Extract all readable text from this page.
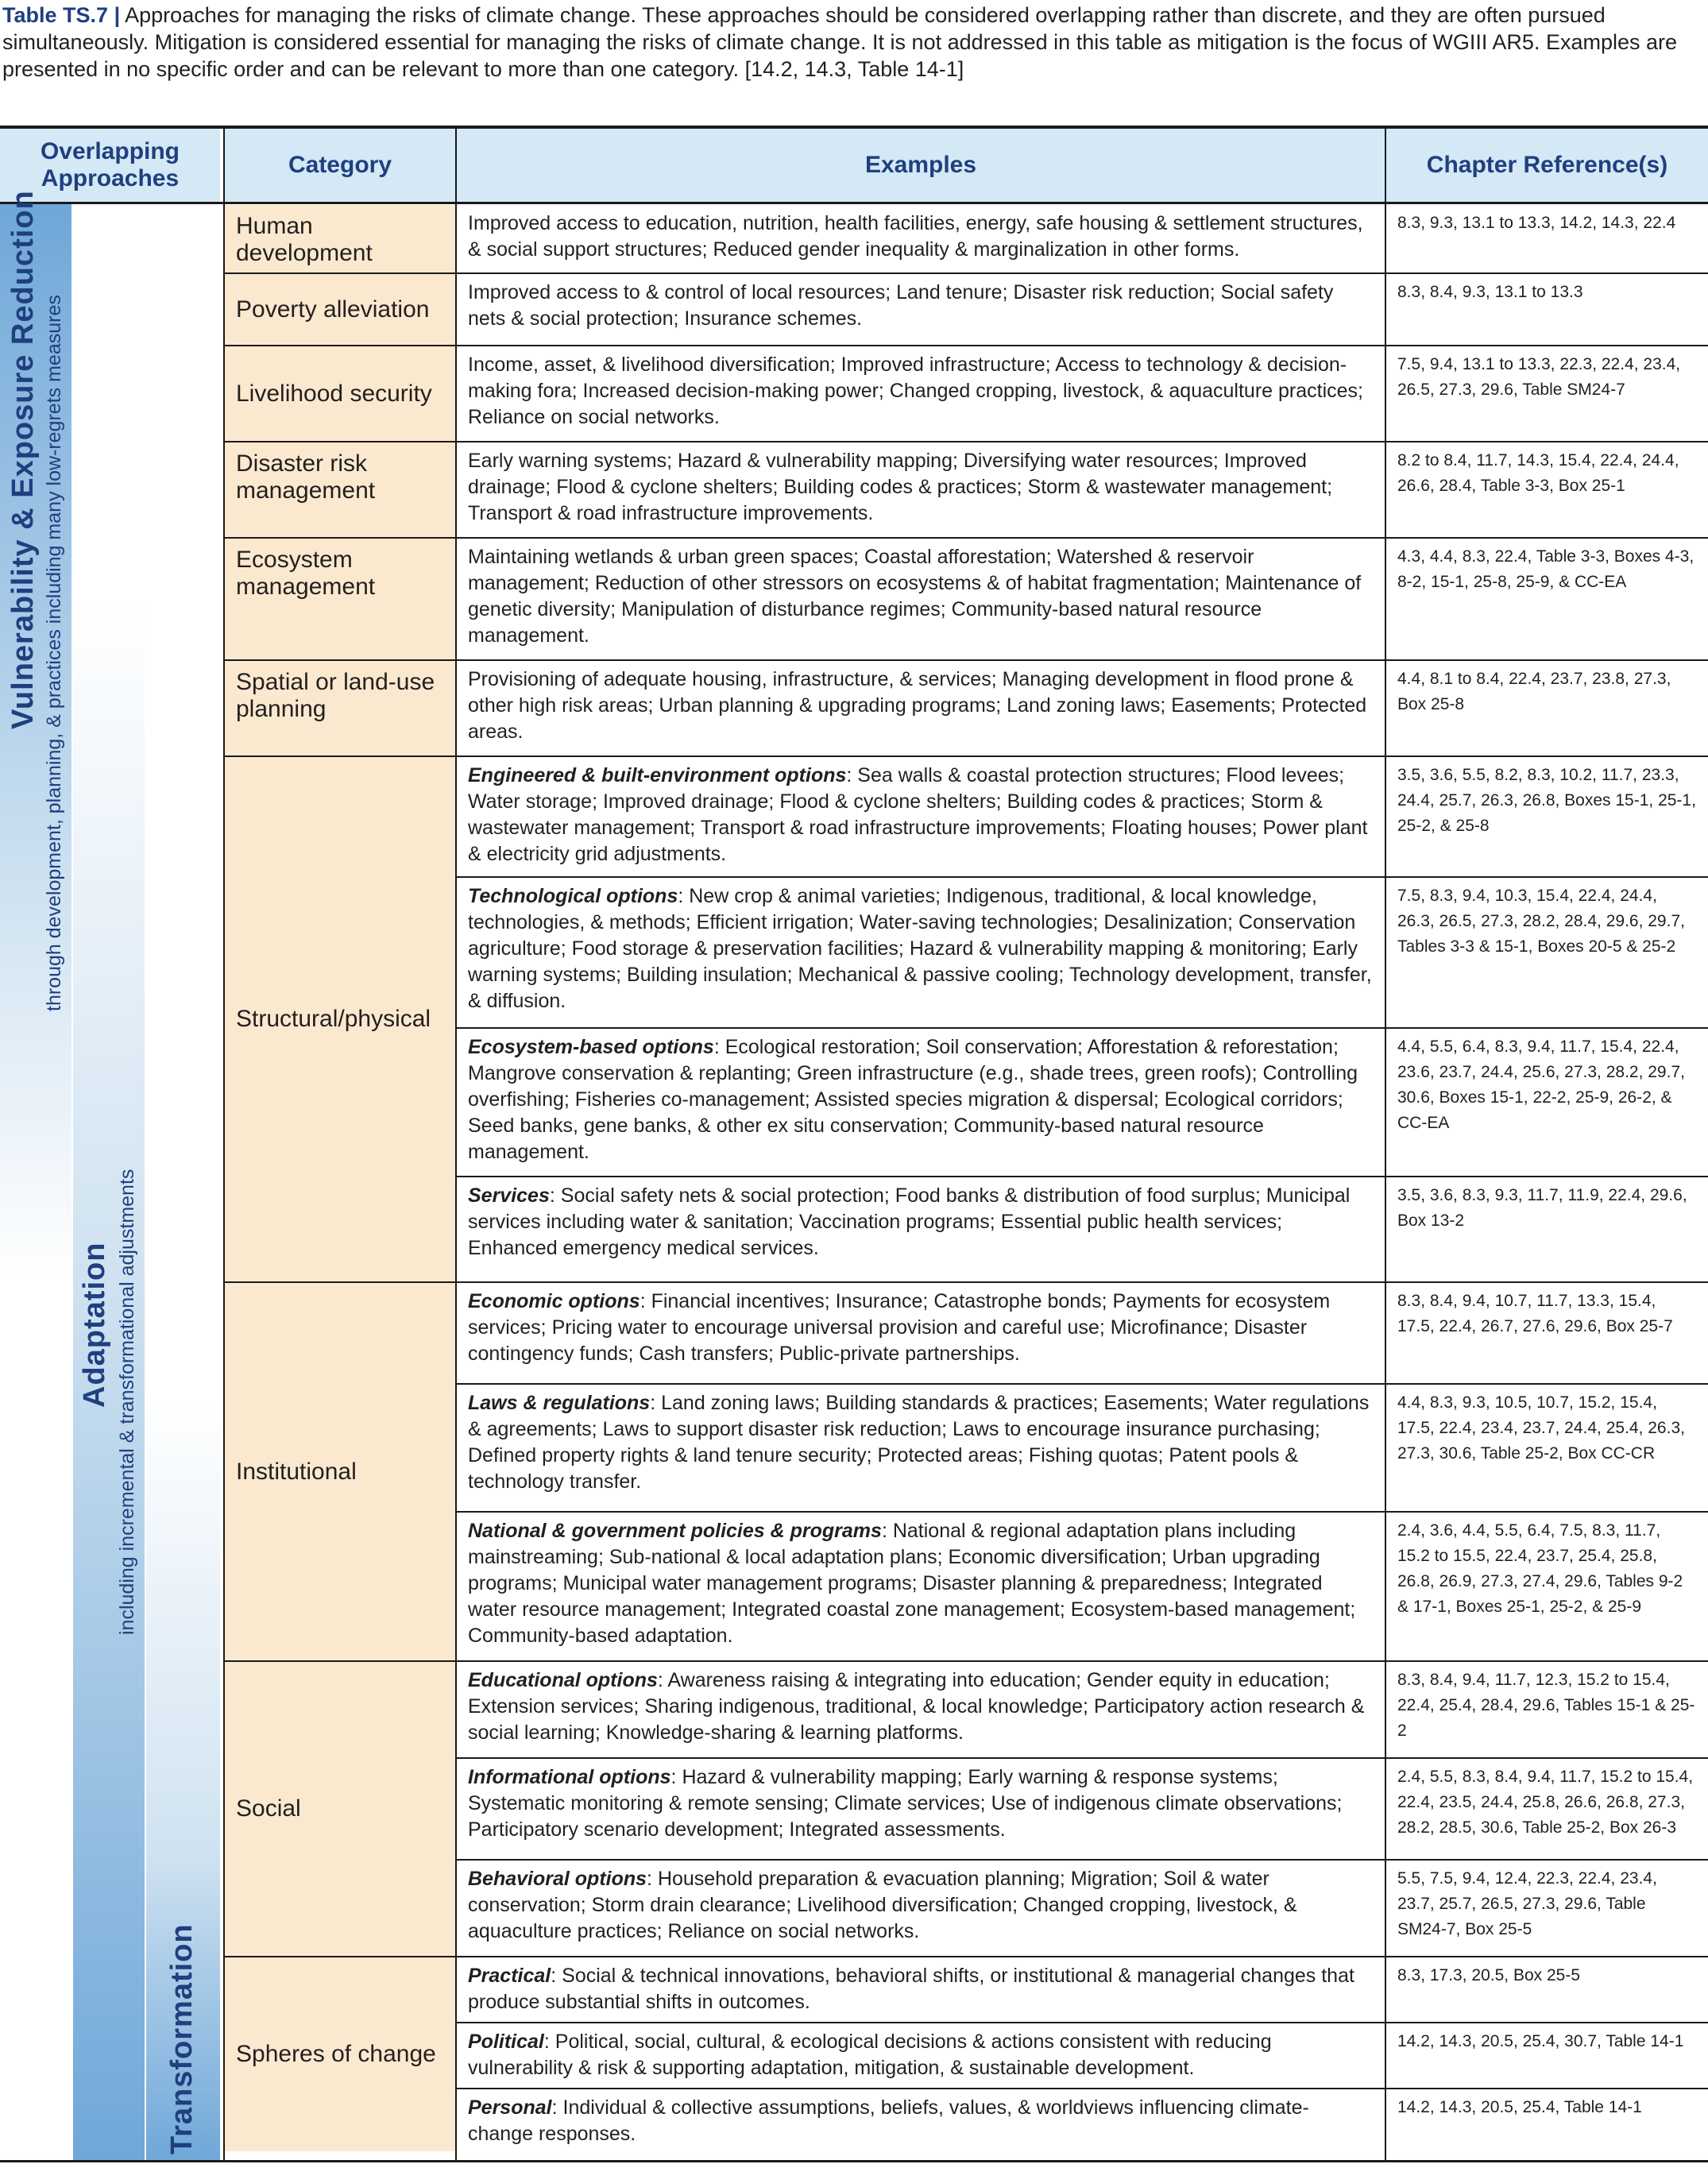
Table TS.7 | Approaches for managing the risks of climate change. These approaches should be considered overlapping rather than discrete, and they are often pursued simultaneously. Mitigation is considered essential for managing the risks of climate change. It is not addressed in this table as mitigation is the focus of WGIII AR5. Examples are presented in no specific order and can be relevant to more than one category. [14.2, 14.3, Table 14-1]
Overlapping Approaches
Category	Examples	Chapter Reference(s)
Vulnerability & Exposure Reduction through development, planning, & practices including many low-regrets measures
Adaptation including incremental & transformational adjustments
Transformation
Human development
Improved access to education, nutrition, health facilities, energy, safe housing & settlement structures, & social support structures; Reduced gender inequality & marginalization in other forms.
8.3, 9.3, 13.1 to 13.3, 14.2, 14.3, 22.4
Poverty alleviation
Improved access to & control of local resources; Land tenure; Disaster risk reduction; Social safety nets & social protection; Insurance schemes.
8.3, 8.4, 9.3, 13.1 to 13.3
Livelihood security
Income, asset, & livelihood diversification; Improved infrastructure; Access to technology & decision-making fora; Increased decision-making power; Changed cropping, livestock, & aquaculture practices; Reliance on social networks.
7.5, 9.4, 13.1 to 13.3, 22.3, 22.4, 23.4, 26.5, 27.3, 29.6, Table SM24-7
Disaster risk management
Early warning systems; Hazard & vulnerability mapping; Diversifying water resources; Improved drainage; Flood & cyclone shelters; Building codes & practices; Storm & wastewater management; Transport & road infrastructure improvements.
8.2 to 8.4, 11.7, 14.3, 15.4, 22.4, 24.4, 26.6, 28.4, Table 3-3, Box 25-1
Ecosystem management
Maintaining wetlands & urban green spaces; Coastal afforestation; Watershed & reservoir management; Reduction of other stressors on ecosystems & of habitat fragmentation; Maintenance of genetic diversity; Manipulation of disturbance regimes; Community-based natural resource management.
4.3, 4.4, 8.3, 22.4, Table 3-3, Boxes 4-3, 8-2, 15-1, 25-8, 25-9, & CC-EA
Spatial or land-use planning
Provisioning of adequate housing, infrastructure, & services; Managing development in flood prone & other high risk areas; Urban planning & upgrading programs; Land zoning laws; Easements; Protected areas.
4.4, 8.1 to 8.4, 22.4, 23.7, 23.8, 27.3, Box 25-8
Structural/physical
Engineered & built-environment options: Sea walls & coastal protection structures; Flood levees; Water storage; Improved drainage; Flood & cyclone shelters; Building codes & practices; Storm & wastewater management; Transport & road infrastructure improvements; Floating houses; Power plant & electricity grid adjustments.
3.5, 3.6, 5.5, 8.2, 8.3, 10.2, 11.7, 23.3, 24.4, 25.7, 26.3, 26.8, Boxes 15-1, 25-1, 25-2, & 25-8
Technological options: New crop & animal varieties; Indigenous, traditional, & local knowledge, technologies, & methods; Efficient irrigation; Water-saving technologies; Desalinization; Conservation agriculture; Food storage & preservation facilities; Hazard & vulnerability mapping & monitoring; Early warning systems; Building insulation; Mechanical & passive cooling; Technology development, transfer, & diffusion.
7.5, 8.3, 9.4, 10.3, 15.4, 22.4, 24.4, 26.3, 26.5, 27.3, 28.2, 28.4, 29.6, 29.7, Tables 3-3 & 15-1, Boxes 20-5 & 25-2
Ecosystem-based options: Ecological restoration; Soil conservation; Afforestation & reforestation; Mangrove conservation & replanting; Green infrastructure (e.g., shade trees, green roofs); Controlling overfishing; Fisheries co-management; Assisted species migration & dispersal; Ecological corridors; Seed banks, gene banks, & other ex situ conservation; Community-based natural resource management.
4.4, 5.5, 6.4, 8.3, 9.4, 11.7, 15.4, 22.4, 23.6, 23.7, 24.4, 25.6, 27.3, 28.2, 29.7, 30.6, Boxes 15-1, 22-2, 25-9, 26-2, & CC-EA
Services: Social safety nets & social protection; Food banks & distribution of food surplus; Municipal services including water & sanitation; Vaccination programs; Essential public health services; Enhanced emergency medical services.
3.5, 3.6, 8.3, 9.3, 11.7, 11.9, 22.4, 29.6, Box 13-2
Institutional
Economic options: Financial incentives; Insurance; Catastrophe bonds; Payments for ecosystem services; Pricing water to encourage universal provision and careful use; Microfinance; Disaster contingency funds; Cash transfers; Public-private partnerships.
8.3, 8.4, 9.4, 10.7, 11.7, 13.3, 15.4, 17.5, 22.4, 26.7, 27.6, 29.6, Box 25-7
Laws & regulations: Land zoning laws; Building standards & practices; Easements; Water regulations & agreements; Laws to support disaster risk reduction; Laws to encourage insurance purchasing; Defined property rights & land tenure security; Protected areas; Fishing quotas; Patent pools & technology transfer.
4.4, 8.3, 9.3, 10.5, 10.7, 15.2, 15.4, 17.5, 22.4, 23.4, 23.7, 24.4, 25.4, 26.3, 27.3, 30.6, Table 25-2, Box CC-CR
National & government policies & programs: National & regional adaptation plans including mainstreaming; Sub-national & local adaptation plans; Economic diversification; Urban upgrading programs; Municipal water management programs; Disaster planning & preparedness; Integrated water resource management; Integrated coastal zone management; Ecosystem-based management; Community-based adaptation.
2.4, 3.6, 4.4, 5.5, 6.4, 7.5, 8.3, 11.7, 15.2 to 15.5, 22.4, 23.7, 25.4, 25.8, 26.8, 26.9, 27.3, 27.4, 29.6, Tables 9-2 & 17-1, Boxes 25-1, 25-2, & 25-9
Social
Educational options: Awareness raising & integrating into education; Gender equity in education; Extension services; Sharing indigenous, traditional, & local knowledge; Participatory action research & social learning; Knowledge-sharing & learning platforms.
8.3, 8.4, 9.4, 11.7, 12.3, 15.2 to 15.4, 22.4, 25.4, 28.4, 29.6, Tables 15-1 & 25-2
Informational options: Hazard & vulnerability mapping; Early warning & response systems; Systematic monitoring & remote sensing; Climate services; Use of indigenous climate observations; Participatory scenario development; Integrated assessments.
2.4, 5.5, 8.3, 8.4, 9.4, 11.7, 15.2 to 15.4, 22.4, 23.5, 24.4, 25.8, 26.6, 26.8, 27.3, 28.2, 28.5, 30.6, Table 25-2, Box 26-3
Behavioral options: Household preparation & evacuation planning; Migration; Soil & water conservation; Storm drain clearance; Livelihood diversification; Changed cropping, livestock, & aquaculture practices; Reliance on social networks.
5.5, 7.5, 9.4, 12.4, 22.3, 22.4, 23.4, 23.7, 25.7, 26.5, 27.3, 29.6, Table SM24-7, Box 25-5
Spheres of change
Practical: Social & technical innovations, behavioral shifts, or institutional & managerial changes that produce substantial shifts in outcomes.
8.3, 17.3, 20.5, Box 25-5
Political: Political, social, cultural, & ecological decisions & actions consistent with reducing vulnerability & risk & supporting adaptation, mitigation, & sustainable development.
14.2, 14.3, 20.5, 25.4, 30.7, Table 14-1
Personal: Individual & collective assumptions, beliefs, values, & worldviews influencing climate-change responses.
14.2, 14.3, 20.5, 25.4, Table 14-1
